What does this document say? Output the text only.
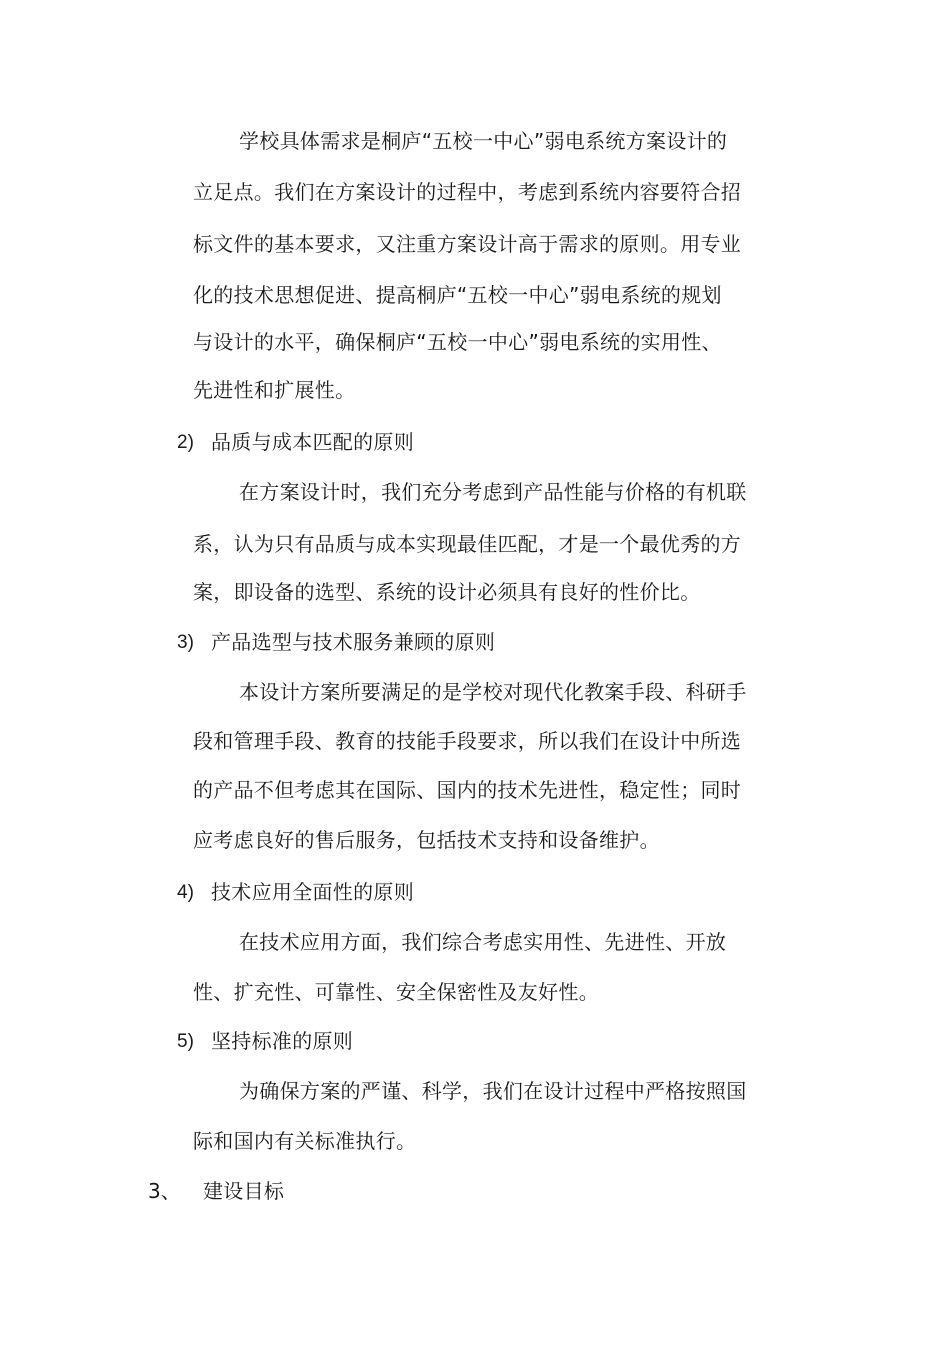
学校具体需求是桐庐“五校一中心”弱电系统方案设计的
立足点。我们在方案设计的过程中，考虑到系统内容要符合招
标文件的基本要求，又注重方案设计高于需求的原则。用专业
化的技术思想促进、提高桐庐“五校一中心”弱电系统的规划
与设计的水平，确保桐庐“五校一中心”弱电系统的实用性、
先进性和扩展性。
2) 品质与成本匹配的原则
在方案设计时，我们充分考虑到产品性能与价格的有机联
系，认为只有品质与成本实现最佳匹配，才是一个最优秀的方
案，即设备的选型、系统的设计必须具有良好的性价比。
3) 产品选型与技术服务兼顾的原则
本设计方案所要满足的是学校对现代化教案手段、科研手
段和管理手段、教育的技能手段要求，所以我们在设计中所选
的产品不但考虑其在国际、国内的技术先进性，稳定性；同时
应考虑良好的售后服务，包括技术支持和设备维护。
4) 技术应用全面性的原则
在技术应用方面，我们综合考虑实用性、先进性、开放
性、扩充性、可靠性、安全保密性及友好性。
5) 坚持标准的原则
为确保方案的严谨、科学，我们在设计过程中严格按照国
际和国内有关标准执行。
3、 建设目标
